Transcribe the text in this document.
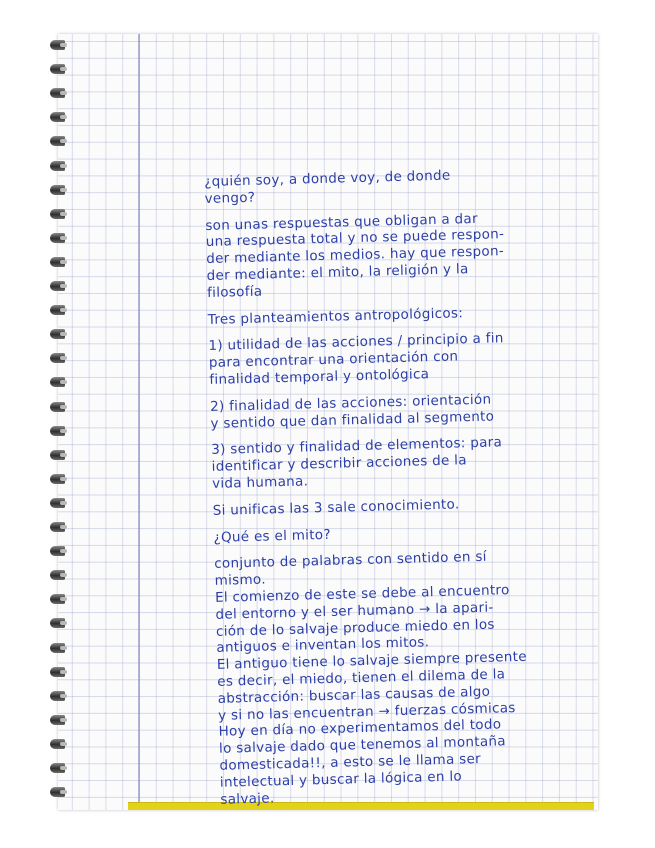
¿quién soy, a donde voy, de donde
vengo?

son unas respuestas que obligan a dar
una respuesta total y no se puede respon-
der mediante los medios. hay que respon-
der mediante: el mito, la religión y la
filosofía

Tres planteamientos antropológicos:

1) utilidad de las acciones / principio a fin
para encontrar una orientación con
finalidad temporal y ontológica

2) finalidad de las acciones: orientación
y sentido que dan finalidad al segmento

3) sentido y finalidad de elementos: para
identificar y describir acciones de la
vida humana.

Si unificas las 3 sale conocimiento.

¿Qué es el mito?

conjunto de palabras con sentido en sí
mismo.
El comienzo de este se debe al encuentro
del entorno y el ser humano → la apari-
ción de lo salvaje produce miedo en los
antiguos e inventan los mitos.
El antiguo tiene lo salvaje siempre presente
es decir, el miedo, tienen el dilema de la
abstracción: buscar las causas de algo
y si no las encuentran → fuerzas cósmicas
Hoy en día no experimentamos del todo
lo salvaje dado que tenemos al montaña
domesticada!!, a esto se le llama ser
intelectual y buscar la lógica en lo
salvaje.
